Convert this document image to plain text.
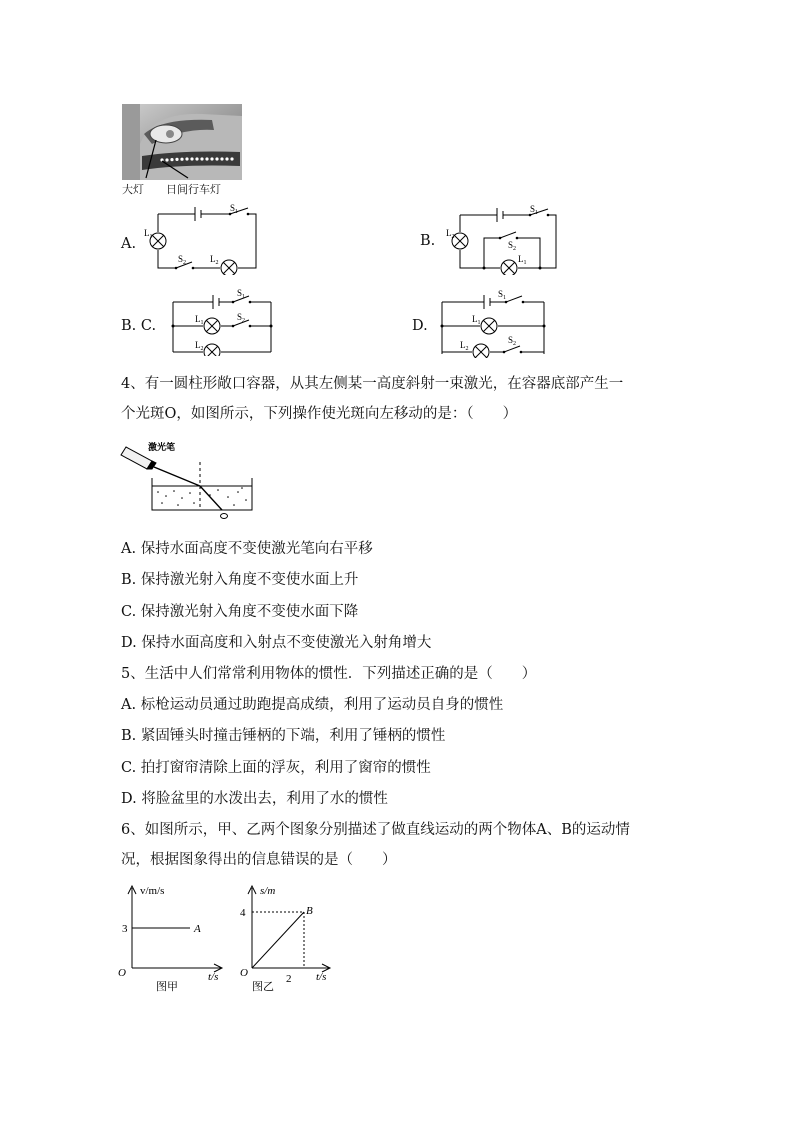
大灯 日间行车灯
A.	B.
B. C.	D.
$S_1$
$L_1$
$S_2$	$L_2$
$S_1$
$L_2$
$S_2$
$L_1$
$S_1$
$L_1$
$S_2$
$L_2$
$S_1$
$L_1$
$S_2$
$L_2$
4、有一圆柱形敞口容器，从其左侧某一高度斜射一束激光，在容器底部产生一
个光斑O，如图所示，下列操作使光斑向左移动的是：（　　）
激光笔
A. 保持水面高度不变使激光笔向右平移
B. 保持激光射入角度不变使水面上升
C. 保持激光射入角度不变使水面下降
D. 保持水面高度和入射点不变使激光入射角增大
5、生活中人们常常利用物体的惯性．下列描述正确的是（　　）
A. 标枪运动员通过助跑提高成绩，利用了运动员自身的惯性
B. 紧固锤头时撞击锤柄的下端，利用了锤柄的惯性
C. 拍打窗帘清除上面的浮灰，利用了窗帘的惯性
D. 将脸盆里的水泼出去，利用了水的惯性
6、如图所示，甲、乙两个图象分别描述了做直线运动的两个物体A、B的运动情
况，根据图象得出的信息错误的是（　　）
v/m/s
O	t/s
图甲
3	A
s/m
O	t/s
图乙
4
2
B
